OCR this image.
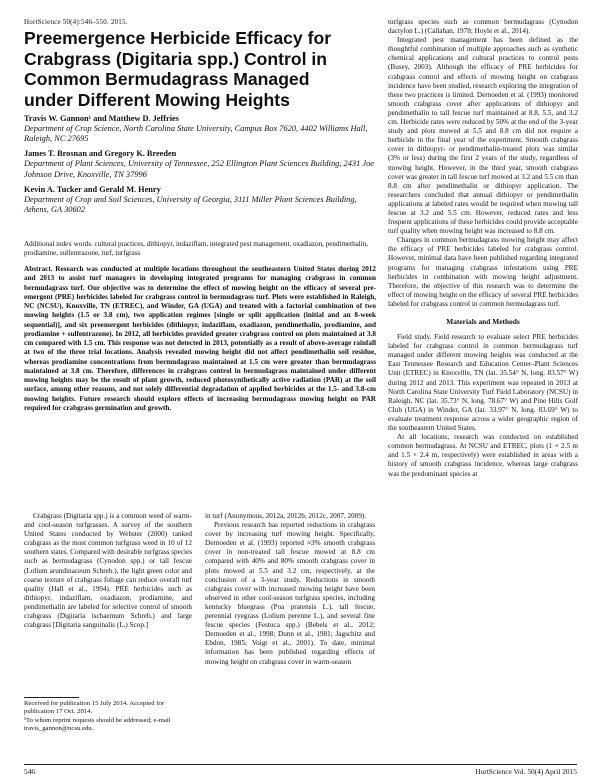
HortScience 50(4):546–550. 2015.
Preemergence Herbicide Efficacy for
Crabgrass (Digitaria spp.) Control in
Common Bermudagrass Managed
under Different Mowing Heights
Travis W. Gannon¹ and Matthew D. Jeffries
Department of Crop Science, North Carolina State University, Campus Box 7620, 4402 Williams Hall, Raleigh, NC 27695
James T. Brosnan and Gregory K. Breeden
Department of Plant Sciences, University of Tennessee, 252 Ellington Plant Sciences Building, 2431 Joe Johnson Drive, Knoxville, TN 37996
Kevin A. Tucker and Gerald M. Henry
Department of Crop and Soil Sciences, University of Georgia, 3111 Miller Plant Sciences Building, Athens, GA 30602
Additional index words. cultural practices, dithiopyr, indaziflam, integrated pest management, oxadiazon, pendimethalin, prodiamine, sulfentrazone, turf, turfgrass
Abstract. Research was conducted at multiple locations throughout the southeastern United States during 2012 and 2013 to assist turf managers in developing integrated programs for managing crabgrass in common bermudagrass turf. Our objective was to determine the effect of mowing height on the efficacy of several pre-emergent (PRE) herbicides labeled for crabgrass control in bermudagrass turf. Plots were established in Raleigh, NC (NCSU), Knoxville, TN (ETREC), and Winder, GA (UGA) and treated with a factorial combination of two mowing heights (1.5 or 3.8 cm), two application regimes [single or split application (initial and an 8-week sequential)], and six preemergent herbicides (dithiopyr, indaziflam, oxadiazon, pendimethalin, prodiamine, and prodiamine + sulfentrazone). In 2012, all herbicides provided greater crabgrass control on plots maintained at 3.8 cm compared with 1.5 cm. This response was not detected in 2013, potentially as a result of above-average rainfall at two of the three trial locations. Analysis revealed mowing height did not affect pendimethalin soil residue, whereas prodiamine concentrations from bermudagrass maintained at 1.5 cm were greater than bermudagrass maintained at 3.8 cm. Therefore, differences in crabgrass control in bermudagrass maintained under different mowing heights may be the result of plant growth, reduced photosynthetically active radiation (PAR) at the soil surface, among other reasons, and not solely differential degradation of applied herbicides at the 1.5- and 3.8-cm mowing heights. Future research should explore effects of increasing bermudagrass mowing height on PAR required for crabgrass germination and growth.

Crabgrass (Digitaria spp.) is a common weed of warm- and cool-season turfgrasses. A survey of the southern United States conducted by Webster (2000) ranked crabgrass as the most common turfgrass weed in 10 of 12 southern states. Compared with desirable turfgrass species such as bermudagrass (Cynodon spp.) or tall fescue (Lolium arundinaceum Schreb.), the light green color and coarse texture of crabgrass foliage can reduce overall turf quality (Hall et al., 1994). PRE herbicides such as dithiopyr, indaziflam, oxadiazon, prodiamine, and pendimethalin are labeled for selective control of smooth crabgrass (Digitaria ischaemum Schreb.) and large crabgrass [Digitaria sanguinalis (L.) Scop.]

Received for publication 15 July 2014. Accepted for publication 17 Oct. 2014.
¹To whom reprint requests should be addressed; e-mail travis_gannon@ncsu.edu.

in turf (Anonymous, 2012a, 2012b, 2012c, 2007, 2009).

Previous research has reported reductions in crabgrass cover by increasing turf mowing height. Specifically, Dernoeden et al. (1993) reported ≈3% smooth crabgrass cover in non-treated tall fescue mowed at 8.8 cm compared with 40% and 80% smooth crabgrass cover in plots mowed at 5.5 and 3.2 cm, respectively, at the conclusion of a 3-year study. Reductions in smooth crabgrass cover with increased mowing height have been observed in other cool-season turfgrass species, including kentucky bluegrass (Poa pratensis L.), tall fescue, perennial ryegrass (Lolium perenne L.), and several fine fescue species (Festuca spp.) (Bebels et al., 2012; Dernoeden et al., 1998; Dunn et al., 1981; Jagschitz and Ebdon, 1985; Voigt et al., 2001). To date, minimal information has been published regarding effects of mowing height on crabgrass cover in warm-season

turfgrass species such as common bermudagrass (Cynodon dactylon L.) (Callahan, 1978; Hoyle et al., 2014).

Integrated pest management has been defined as the thoughtful combination of multiple approaches such as synthetic chemical applications and cultural practices to control pests (Busey, 2003). Although the efficacy of PRE herbicides for crabgrass control and effects of mowing height on crabgrass incidence have been studied, research exploring the integration of these two practices is limited. Dernoeden et al. (1993) monitored smooth crabgrass cover after applications of dithiopyr and pendimethalin to tall fescue turf maintained at 8.8, 5.5, and 3.2 cm. Herbicide rates were reduced by 50% at the end of the 3-year study and plots mowed at 5.5 and 8.8 cm did not require a herbicide in the final year of the experiment. Smooth crabgrass cover in dithiopyr- or pendimethalin-treated plots was similar (3% or less) during the first 2 years of the study, regardless of mowing height. However, in the third year, smooth crabgrass cover was greater in tall fescue turf mowed at 3.2 and 5.5 cm than 8.8 cm after pendimethalin or dithiopyr application. The researchers concluded that annual dithiopyr or pendimethalin applications at labeled rates would be required when mowing tall fescue at 3.2 and 5.5 cm. However, reduced rates and less frequent applications of these herbicides could provide acceptable turf quality when mowing height was increased to 8.8 cm.

Changes in common bermudagrass mowing height may affect the efficacy of PRE herbicides labeled for crabgrass control. However, minimal data have been published regarding integrated programs for managing crabgrass infestations using PRE herbicides in combination with mowing height adjustment. Therefore, the objective of this research was to determine the effect of mowing height on the efficacy of several PRE herbicides labeled for crabgrass control in common bermudagrass turf.

Materials and Methods

Field study. Field research to evaluate select PRE herbicides labeled for crabgrass control in common bermudagrass turf managed under different mowing heights was conducted at the East Tennessee Research and Education Center–Plant Sciences Unit (ETREC) in Knoxville, TN (lat. 35.54° N, long. 83.57° W) during 2012 and 2013. This experiment was repeated in 2013 at North Carolina State University Turf Field Laboratory (NCSU) in Raleigh, NC (lat. 35.73° N, long. 78.67° W) and Pine Hills Golf Club (UGA) in Winder, GA (lat. 33.97° N, long. 83.69° W) to evaluate treatment response across a wider geographic region of the southeastern United States.

At all locations, research was conducted on established common bermudagrass. At NCSU and ETREC, plots (1 × 2.5 m and 1.5 × 2.4 m, respectively) were established in areas with a history of smooth crabgrass incidence, whereas large crabgrass was the predominant species at

546	HortScience Vol. 50(4) April 2015
